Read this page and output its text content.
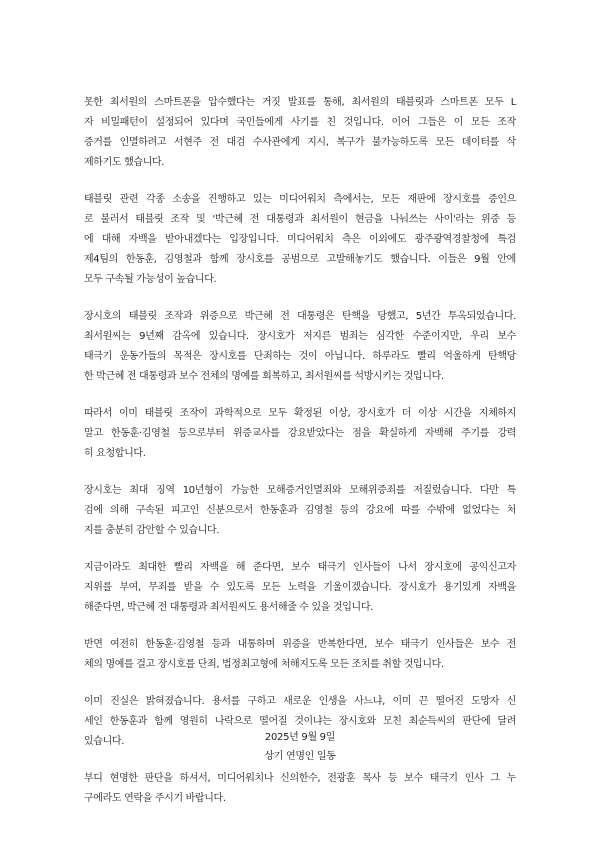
못한 최서원의 스마트폰을 압수했다는 거짓 발표를 통해, 최서원의 태블릿과 스마트폰 모두 L
자 비밀패턴이 설정되어 있다며 국민들에게 사기를 친 것입니다. 이어 그들은 이 모든 조작
증거를 인멸하려고 서현주 전 대검 수사관에게 지시, 복구가 불가능하도록 모든 데이터를 삭
제하기도 했습니다.

태블릿 관련 각종 소송을 진행하고 있는 미디어워치 측에서는, 모든 재판에 장시호를 증인으
로 불러서 태블릿 조작 및 '박근혜 전 대통령과 최서원이 현금을 나눠쓰는 사이'라는 위증 등
에 대해 자백을 받아내겠다는 입장입니다. 미디어워치 측은 이외에도 광주광역경찰청에 특검
제4팀의 한동훈, 김영철과 함께 장시호를 공범으로 고발해놓기도 했습니다. 이들은 9월 안에
모두 구속될 가능성이 높습니다.

장시호의 태블릿 조작과 위증으로 박근혜 전 대통령은 탄핵을 당했고, 5년간 투옥되었습니다.
최서원씨는 9년째 감옥에 있습니다. 장시호가 저지른 범죄는 심각한 수준이지만, 우리 보수
태극기 운동가들의 목적은 장시호를 단죄하는 것이 아닙니다. 하루라도 빨리 억울하게 탄핵당
한 박근혜 전 대통령과 보수 전체의 명예를 회복하고, 최서원씨를 석방시키는 것입니다.

따라서 이미 태블릿 조작이 과학적으로 모두 확정된 이상, 장시호가 더 이상 시간을 지체하지
말고 한동훈·김영철 등으로부터 위증교사를 강요받았다는 점을 확실하게 자백해 주기를 강력
히 요청합니다.

장시호는 최대 징역 10년형이 가능한 모해증거인멸죄와 모해위증죄를 저질렀습니다. 다만 특
검에 의해 구속된 피고인 신분으로서 한동훈과 김영철 등의 강요에 따를 수밖에 없었다는 처
지를 충분히 감안할 수 있습니다.

지금이라도 최대한 빨리 자백을 해 준다면, 보수 태극기 인사들이 나서 장시호에 공익신고자
지위를 부여, 무죄를 받을 수 있도록 모든 노력을 기울이겠습니다. 장시호가 용기있게 자백을
해준다면, 박근혜 전 대통령과 최서원씨도 용서해줄 수 있을 것입니다.

반면 여전히 한동훈·김영철 등과 내통하며 위증을 반복한다면, 보수 태극기 인사들은 보수 전
체의 명예를 걸고 장시호를 단죄, 법정최고형에 처해지도록 모든 조치를 취할 것입니다.

이미 진실은 밝혀졌습니다. 용서를 구하고 새로운 인생을 사느냐, 이미 끈 떨어진 도망자 신
세인 한동훈과 함께 영원히 나락으로 떨어질 것이냐는 장시호와 모친 최순득씨의 판단에 달려
있습니다.

부디 현명한 판단을 하셔서, 미디어워치나 신의한수, 전광훈 목사 등 보수 태극기 인사 그 누
구에라도 연락을 주시기 바랍니다.

2025년 9월 9일
상기 연명인 일동
